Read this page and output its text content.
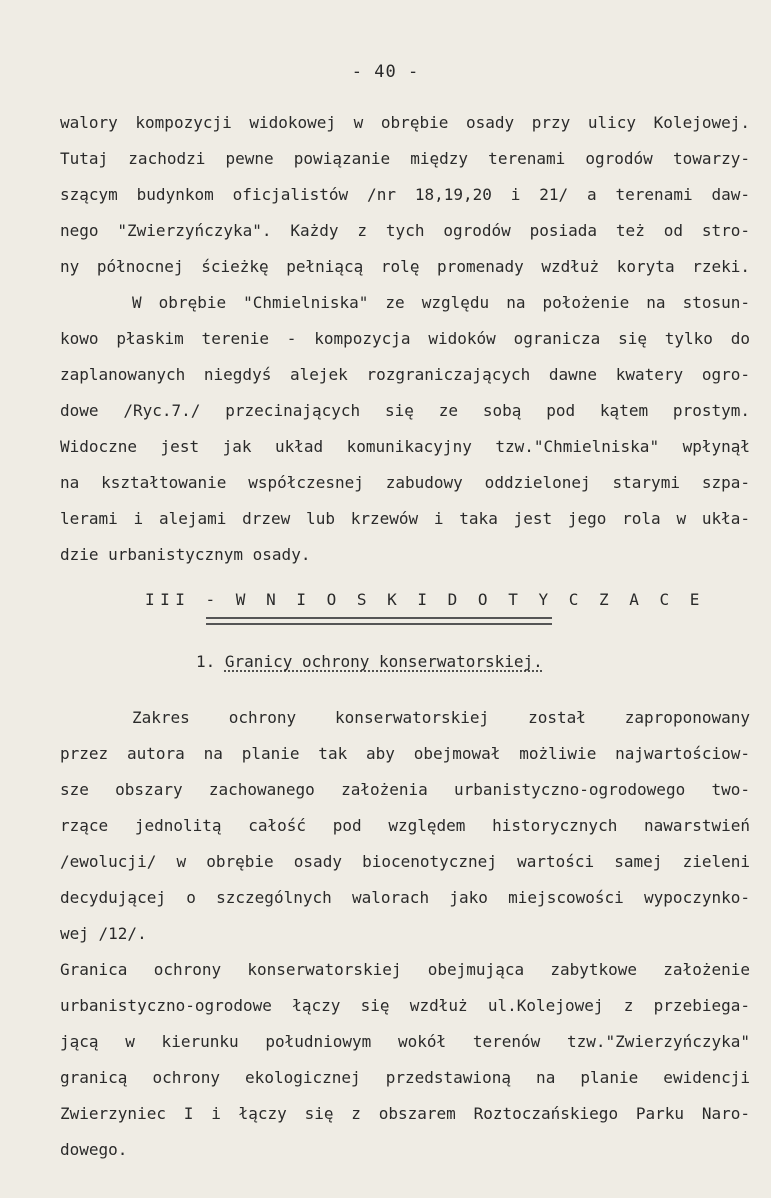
- 40 -
walory kompozycji widokowej w obrębie osady przy ulicy Kolejowej.
Tutaj zachodzi pewne powiązanie między terenami ogrodów towarzy-
szącym budynkom oficjalistów /nr 18,19,20 i 21/ a terenami daw-
nego "Zwierzyńczyka". Każdy z tych ogrodów posiada też od stro-
ny północnej ścieżkę pełniącą rolę promenady wzdłuż koryta rzeki.
W obrębie "Chmielniska" ze względu na położenie na stosun-
kowo płaskim terenie - kompozycja widoków ogranicza się tylko do
zaplanowanych niegdyś alejek rozgraniczających dawne kwatery ogro-
dowe /Ryc.7./ przecinających się ze sobą pod kątem prostym.
Widoczne jest jak układ komunikacyjny tzw."Chmielniska" wpłynął
na kształtowanie współczesnej zabudowy oddzielonej starymi szpa-
lerami i alejami drzew lub krzewów i taka jest jego rola w ukła-
dzie urbanistycznym osady.
III - W N I O S K I D O T Y C Z A C E
1. Granicy ochrony konserwatorskiej.
Zakres ochrony konserwatorskiej został zaproponowany
przez autora na planie tak aby obejmował możliwie najwartościow-
sze obszary zachowanego założenia urbanistyczno-ogrodowego two-
rzące jednolitą całość pod względem historycznych nawarstwień
/ewolucji/ w obrębie osady biocenotycznej wartości samej zieleni
decydującej o szczególnych walorach jako miejscowości wypoczynko-
wej /12/.
Granica ochrony konserwatorskiej obejmująca zabytkowe założenie
urbanistyczno-ogrodowe łączy się wzdłuż ul.Kolejowej z przebiega-
jącą w kierunku południowym wokół terenów tzw."Zwierzyńczyka"
granicą ochrony ekologicznej przedstawioną na planie ewidencji
Zwierzyniec I i łączy się z obszarem Roztoczańskiego Parku Naro-
dowego.
